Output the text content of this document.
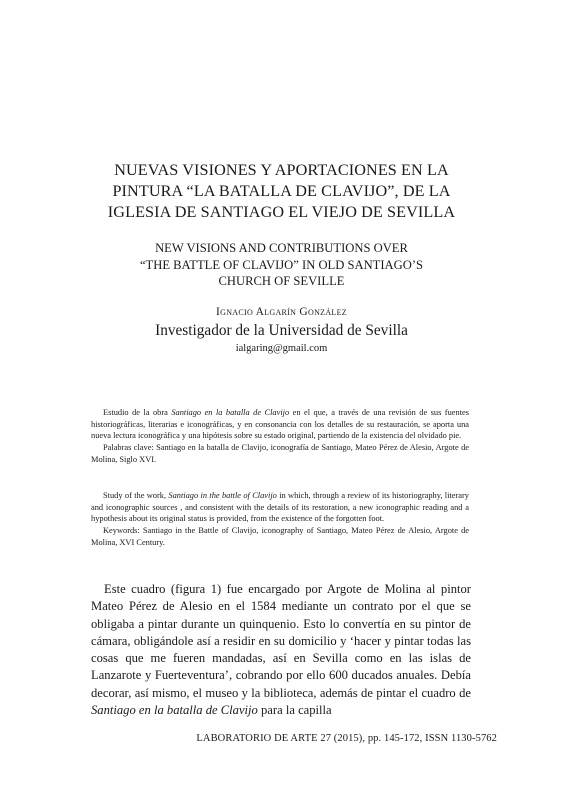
NUEVAS VISIONES Y APORTACIONES EN LA
PINTURA “LA BATALLA DE CLAVIJO”, DE LA
IGLESIA DE SANTIAGO EL VIEJO DE SEVILLA
NEW VISIONS AND CONTRIBUTIONS OVER
“THE BATTLE OF CLAVIJO” IN OLD SANTIAGO’S
CHURCH OF SEVILLE
Ignacio Algarín González
Investigador de la Universidad de Sevilla
ialgaring@gmail.com

Estudio de la obra Santiago en la batalla de Clavijo en el que, a través de una revisión de sus fuentes historiográficas, literarias e iconográficas, y en consonancia con los detalles de su restauración, se aporta una nueva lectura iconográfica y una hipótesis sobre su estado original, partiendo de la existencia del olvidado pie.

Palabras clave: Santiago en la batalla de Clavijo, iconografía de Santiago, Mateo Pérez de Alesio, Argote de Molina, Siglo XVI.

Study of the work, Santiago in the battle of Clavijo in which, through a review of its historiography, literary and iconographic sources , and consistent with the details of its restoration, a new iconographic reading and a hypothesis about its original status is provided, from the existence of the forgotten foot.

Keywords: Santiago in the Battle of Clavijo, iconography of Santiago, Mateo Pérez de Alesio, Argote de Molina, XVI Century.

Este cuadro (figura 1) fue encargado por Argote de Molina al pintor Mateo Pérez de Alesio en el 1584 mediante un contrato por el que se obligaba a pintar durante un quinquenio. Esto lo convertía en su pintor de cámara, obligándole así a residir en su domicilio y ‘hacer y pintar todas las cosas que me fueren mandadas, así en Sevilla como en las islas de Lanzarote y Fuerteventura’, cobrando por ello 600 ducados anuales. Debía decorar, así mismo, el museo y la biblioteca, además de pintar el cuadro de Santiago en la batalla de Clavijo para la capilla

LABORATORIO DE ARTE 27 (2015), pp. 145-172, ISSN 1130-5762
